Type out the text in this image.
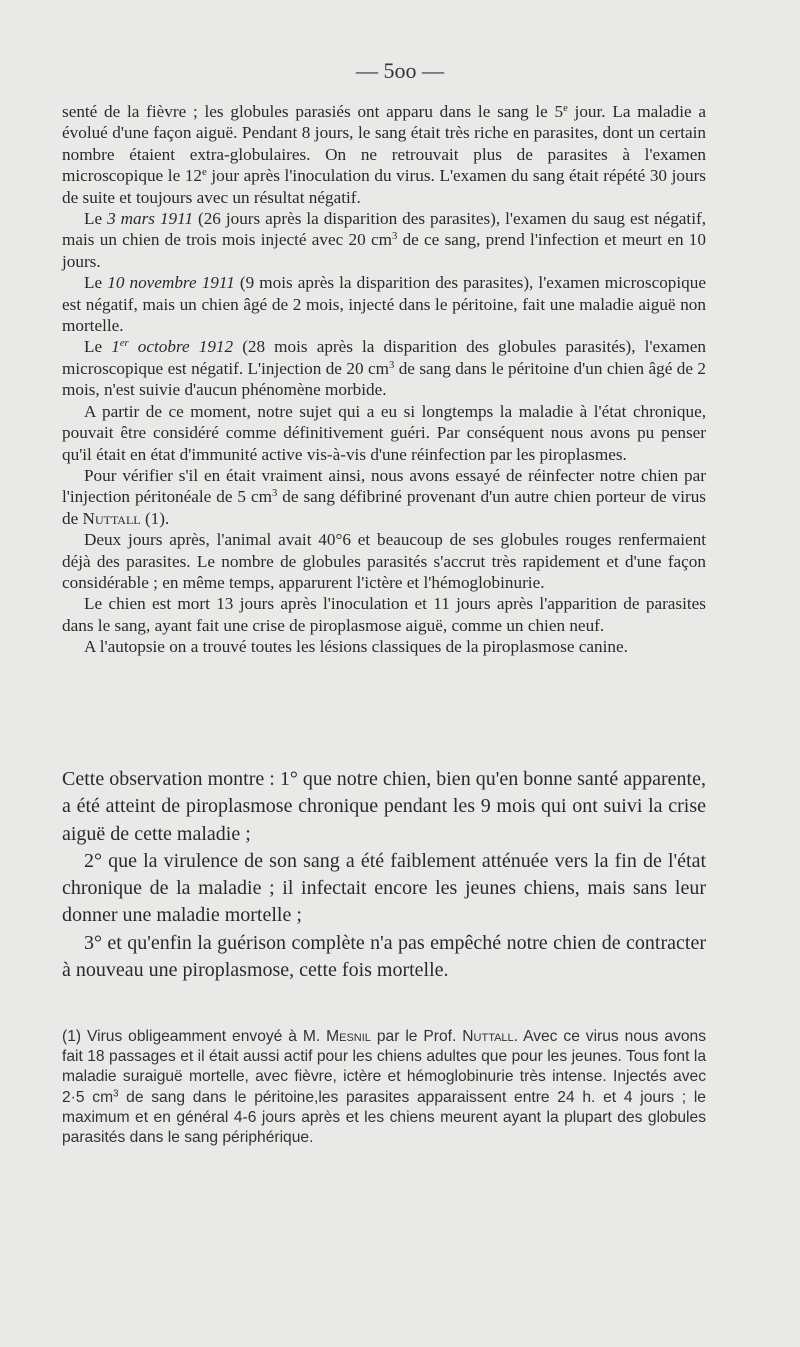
— 5oo —

senté de la fièvre ; les globules parasiés ont apparu dans le sang le 5e jour. La maladie a évolué d'une façon aiguë. Pendant 8 jours, le sang était très riche en parasites, dont un certain nombre étaient extra-globulaires. On ne retrouvait plus de parasites à l'examen microscopique le 12e jour après l'inoculation du virus. L'examen du sang était répété 30 jours de suite et toujours avec un résultat négatif.

Le 3 mars 1911 (26 jours après la disparition des parasites), l'examen du saug est négatif, mais un chien de trois mois injecté avec 20 $cm^3$ de ce sang, prend l'infection et meurt en 10 jours.

Le 10 novembre 1911 (9 mois après la disparition des parasites), l'examen microscopique est négatif, mais un chien âgé de 2 mois, injecté dans le péritoine, fait une maladie aiguë non mortelle.

Le 1er octobre 1912 (28 mois après la disparition des globules parasités), l'examen microscopique est négatif. L'injection de 20 $cm^3$ de sang dans le péritoine d'un chien âgé de 2 mois, n'est suivie d'aucun phénomène morbide.

A partir de ce moment, notre sujet qui a eu si longtemps la maladie à l'état chronique, pouvait être considéré comme définitivement guéri. Par conséquent nous avons pu penser qu'il était en état d'immunité active vis-à-vis d'une réinfection par les piroplasmes.

Pour vérifier s'il en était vraiment ainsi, nous avons essayé de réinfecter notre chien par l'injection péritonéale de 5 $cm^3$ de sang défibriné provenant d'un autre chien porteur de virus de Nuttall (1).

Deux jours après, l'animal avait 40°6 et beaucoup de ses globules rouges renfermaient déjà des parasites. Le nombre de globules parasités s'accrut très rapidement et d'une façon considérable ; en même temps, apparurent l'ictère et l'hémoglobinurie.

Le chien est mort 13 jours après l'inoculation et 11 jours après l'apparition de parasites dans le sang, ayant fait une crise de piroplasmose aiguë, comme un chien neuf.

A l'autopsie on a trouvé toutes les lésions classiques de la piroplasmose canine.

Cette observation montre : 1° que notre chien, bien qu'en bonne santé apparente, a été atteint de piroplasmose chronique pendant les 9 mois qui ont suivi la crise aiguë de cette maladie ;

2° que la virulence de son sang a été faiblement atténuée vers la fin de l'état chronique de la maladie ; il infectait encore les jeunes chiens, mais sans leur donner une maladie mortelle ;

3° et qu'enfin la guérison complète n'a pas empêché notre chien de contracter à nouveau une piroplasmose, cette fois mortelle.

(1) Virus obligeamment envoyé à M. Mesnil par le Prof. Nuttall. Avec ce virus nous avons fait 18 passages et il était aussi actif pour les chiens adultes que pour les jeunes. Tous font la maladie suraiguë mortelle, avec fièvre, ictère et hémoglobinurie très intense. Injectés avec 2·5 $cm^3$ de sang dans le péritoine,les parasites apparaissent entre 24 h. et 4 jours ; le maximum et en général 4-6 jours après et les chiens meurent ayant la plupart des globules parasités dans le sang périphérique.
